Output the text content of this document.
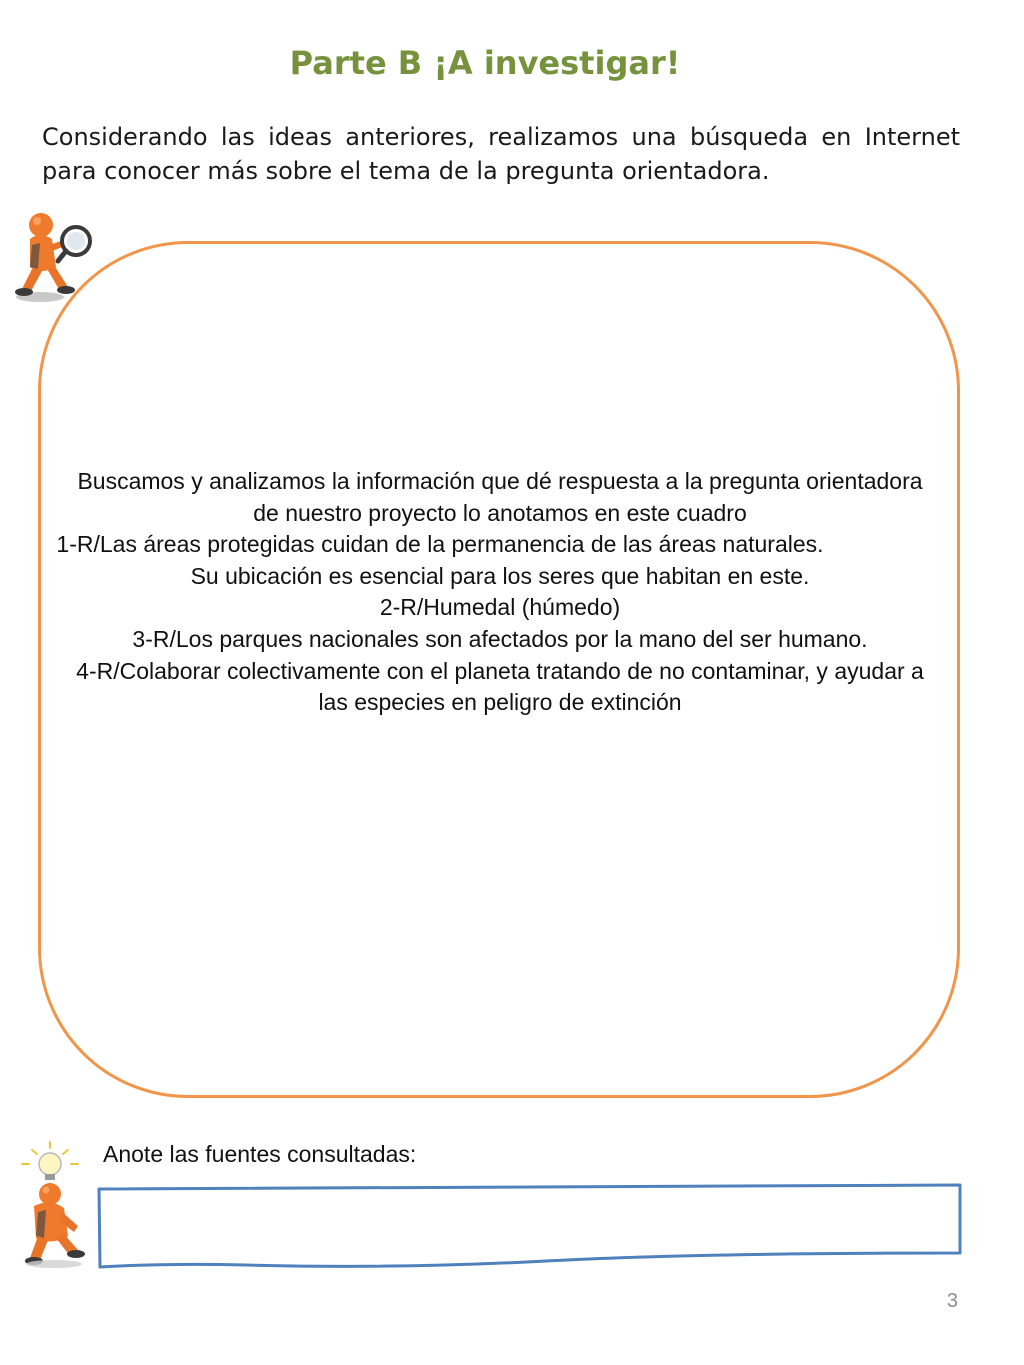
Parte B ¡A investigar!

Considerando las ideas anteriores, realizamos una búsqueda en Internet para conocer más sobre el tema de la pregunta orientadora.

Buscamos y analizamos la información que dé respuesta a la pregunta orientadora
de nuestro proyecto lo anotamos en este cuadro
1-R/Las áreas protegidas cuidan de la permanencia de las áreas naturales.
Su ubicación es esencial para los seres que habitan en este.
2-R/Humedal (húmedo)
3-R/Los parques nacionales son afectados por la mano del ser humano.
4-R/Colaborar colectivamente con el planeta tratando de no contaminar, y ayudar a
las especies en peligro de extinción
Anote las fuentes consultadas:
3
